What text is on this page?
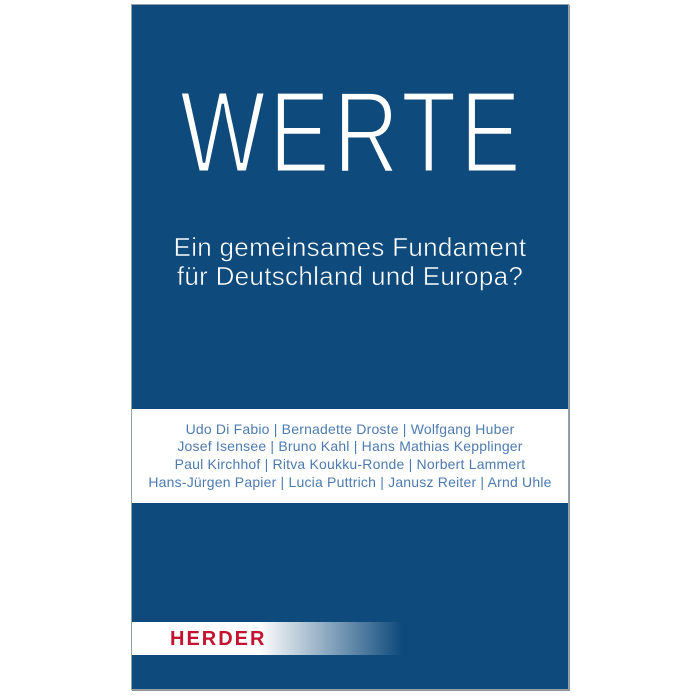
WERTE
Ein gemeinsames Fundament
für Deutschland und Europa?
Udo Di Fabio | Bernadette Droste | Wolfgang Huber
Josef Isensee | Bruno Kahl | Hans Mathias Kepplinger
Paul Kirchhof | Ritva Koukku-Ronde | Norbert Lammert
Hans-Jürgen Papier | Lucia Puttrich | Janusz Reiter | Arnd Uhle
HERDER
